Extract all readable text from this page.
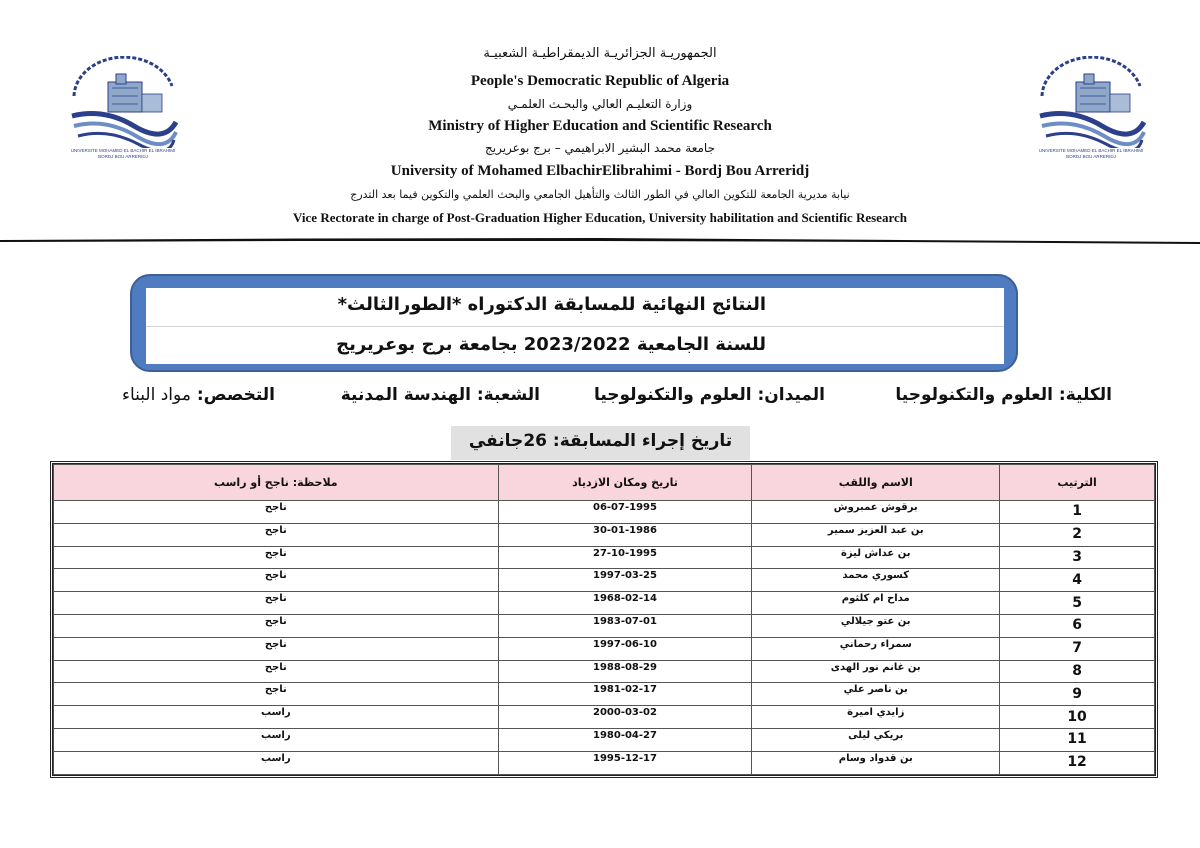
الجمهوريـة الجزائريـة الديمقراطيـة الشعبيـة
People's Democratic Republic of Algeria
وزارة التعليـم العالي والبحـث العلمـي
Ministry of Higher Education and Scientific Research
جامعة محمد البشير الابراهيمي – برج بوعريريج
University of Mohamed ElbachirElibrahimi - Bordj Bou Arreridj
نيابة مديرية الجامعة للتكوين العالي في الطور الثالث والتأهيل الجامعي والبحث العلمي والتكوين فيما بعد التدرج
Vice Rectorate in charge of Post-Graduation Higher Education, University habilitation and Scientific Research
UNIVERSITE MOHAMED EL BACHIR EL IBRAHIMI BORDJ BOU ARRERIDJ
UNIVERSITE MOHAMED EL BACHIR EL IBRAHIMI BORDJ BOU ARRERIDJ
النتائج النهائية للمسابقة الدكتوراه *الطورالثالث*
للسنة الجامعية 2023/2022 بجامعة برج بوعريريج
الكلية: العلوم والتكنولوجيا
الميدان: العلوم والتكنولوجيا
الشعبة: الهندسة المدنية
التخصص: مواد البناء
تاريخ إجراء المسابقة: 26جانفي
الترتيب	الاسم واللقب	تاريخ ومكان الازدياد	ملاحظة: ناجح أو راسب
1	برقوش عمبروش	06-07-1995	ناجح
2	بن عبد العزيز سمير	30-01-1986	ناجح
3	بن عداش ليزة	27-10-1995	ناجح
4	كسوري محمد	1997-03-25	ناجح
5	مداح ام كلثوم	1968-02-14	ناجح
6	بن عتو جيلالي	1983-07-01	ناجح
7	سمراء رحماني	1997-06-10	ناجح
8	بن غانم نور الهدى	1988-08-29	ناجح
9	بن ناصر علي	1981-02-17	ناجح
10	زايدي اميرة	2000-03-02	راسب
11	بريكي ليلى	1980-04-27	راسب
12	بن قدواد وسام	1995-12-17	راسب
